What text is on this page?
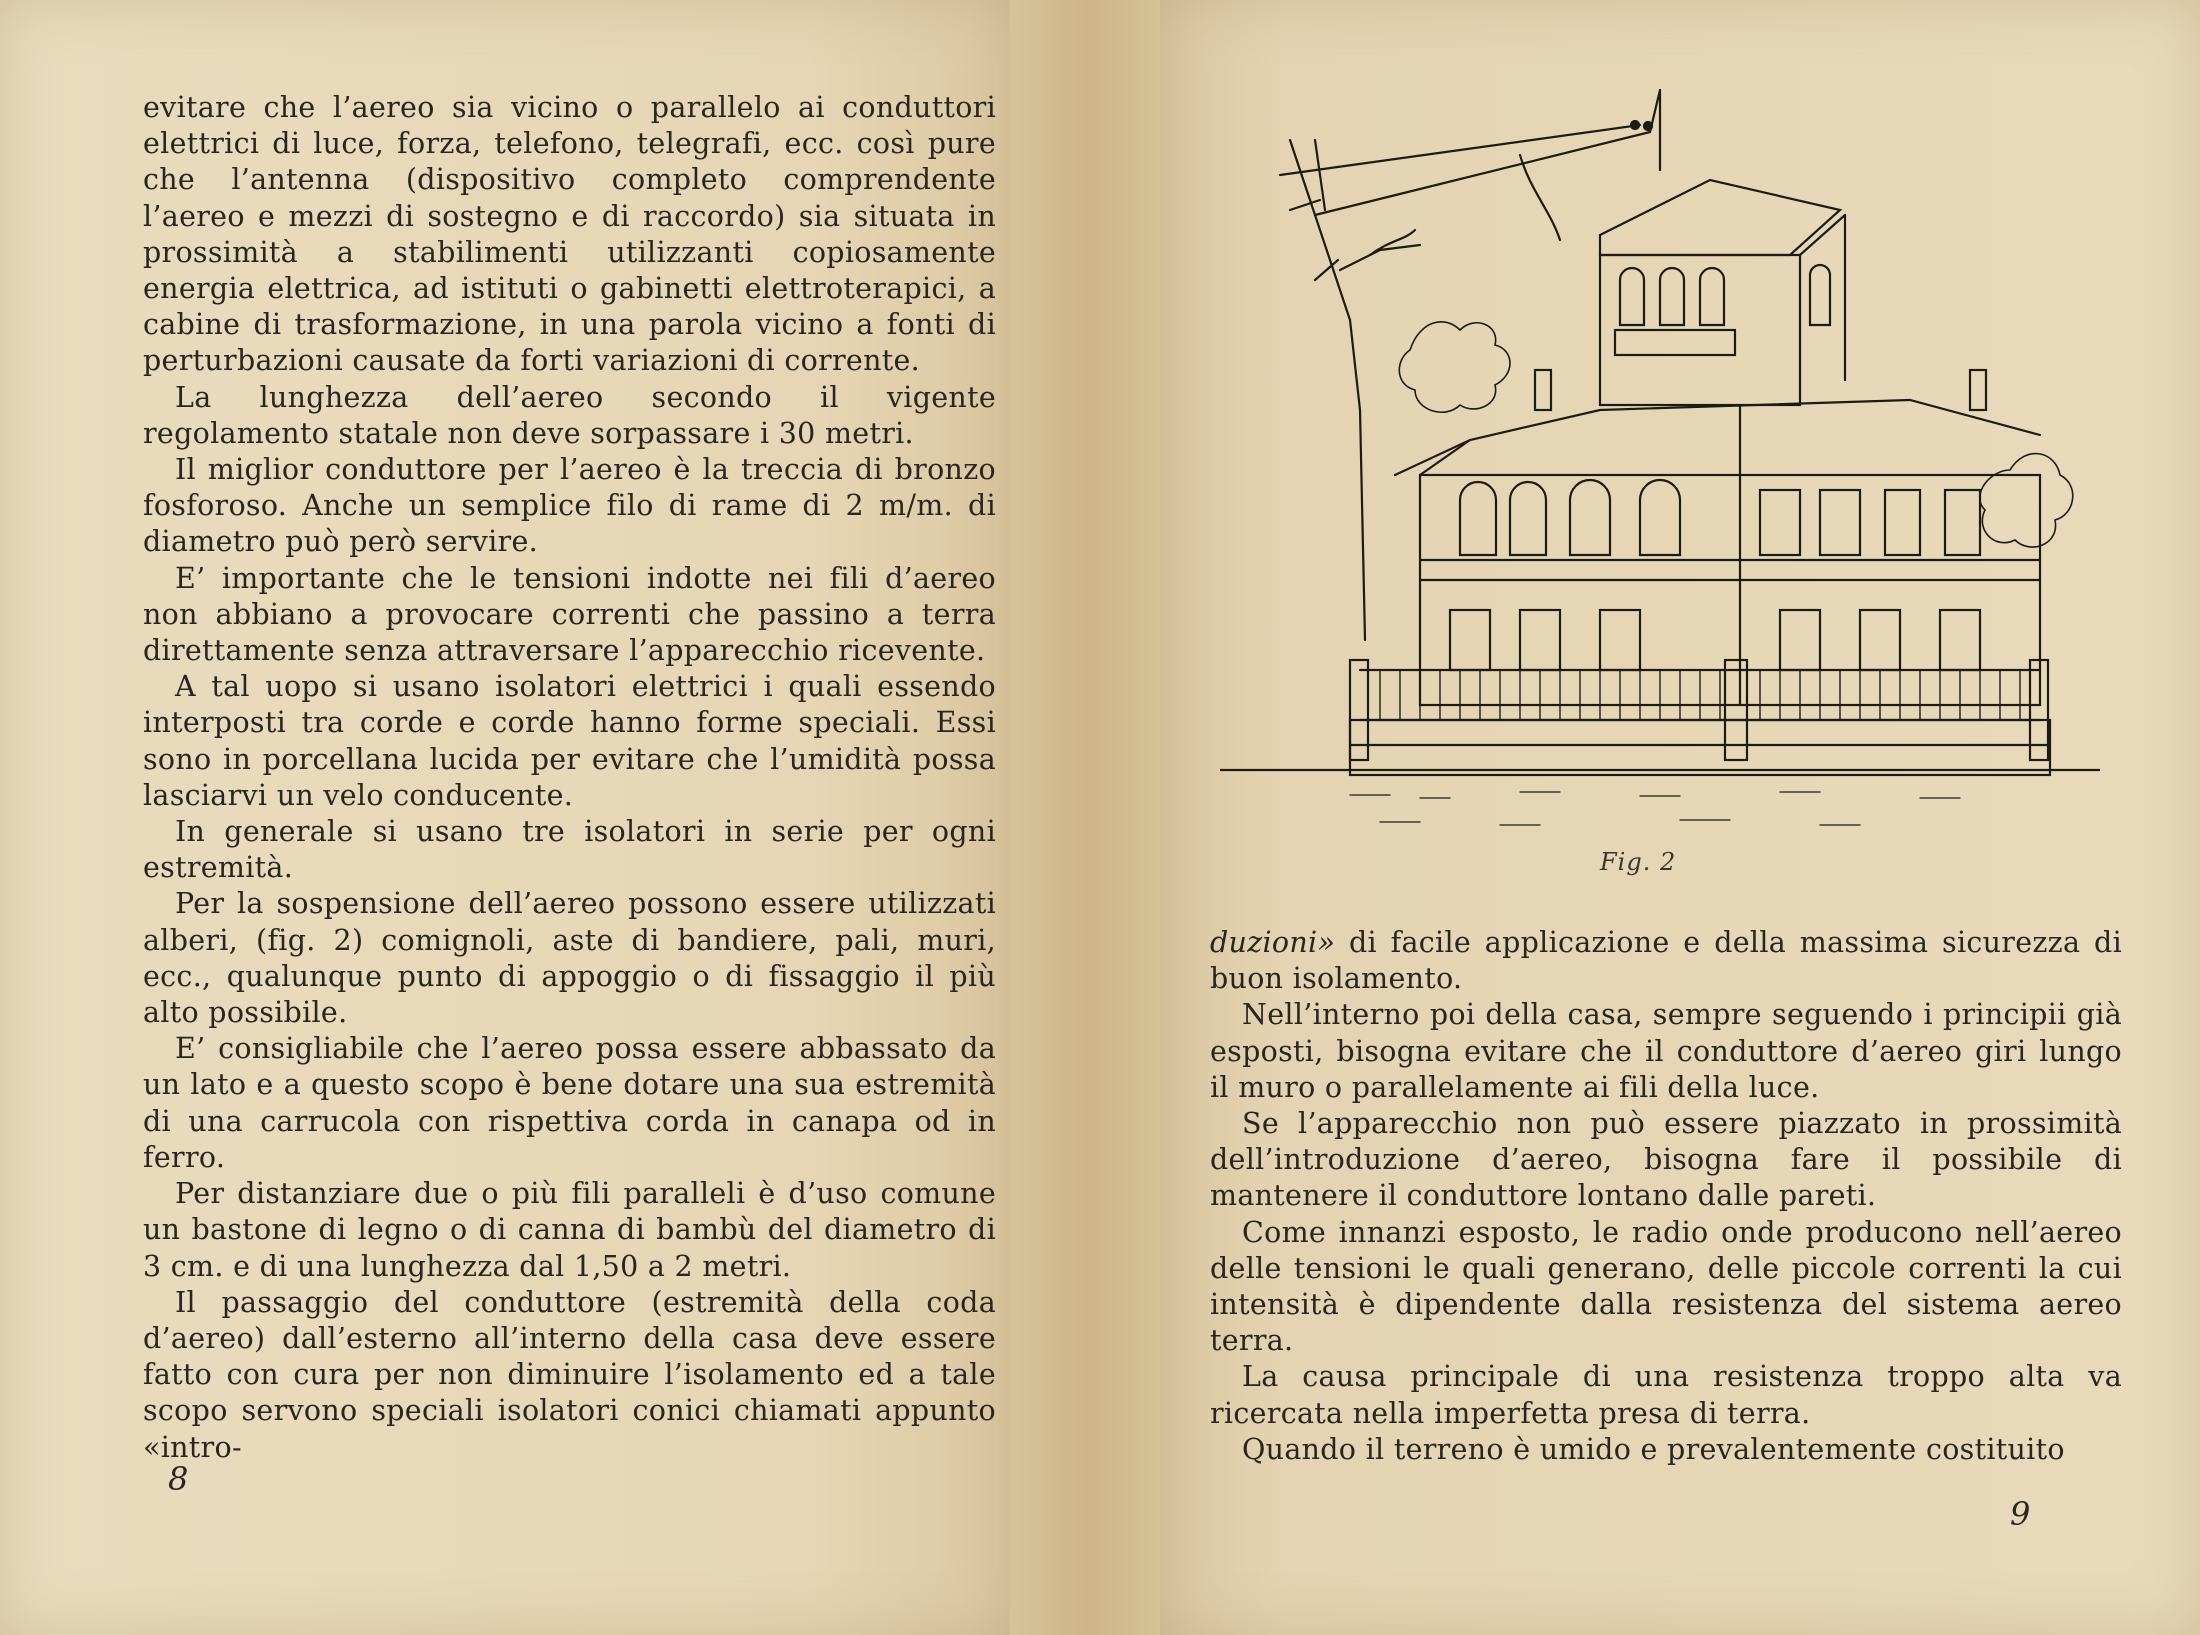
evitare che l’aereo sia vicino o parallelo ai conduttori elettrici di luce, forza, telefono, telegrafi, ecc. così pure che l’antenna (dispositivo completo comprendente l’aereo e mezzi di sostegno e di raccordo) sia situata in prossimità a stabilimenti utilizzanti copiosamente energia elettrica, ad istituti o gabinetti elettroterapici, a cabine di trasformazione, in una parola vicino a fonti di perturbazioni causate da forti variazioni di corrente.

La lunghezza dell’aereo secondo il vigente regolamento statale non deve sorpassare i 30 metri.

Il miglior conduttore per l’aereo è la treccia di bronzo fosforoso. Anche un semplice filo di rame di 2 m/m. di diametro può però servire.

E’ importante che le tensioni indotte nei fili d’aereo non abbiano a provocare correnti che passino a terra direttamente senza attraversare l’apparecchio ricevente.

A tal uopo si usano isolatori elettrici i quali essendo interposti tra corde e corde hanno forme speciali. Essi sono in porcellana lucida per evitare che l’umidità possa lasciarvi un velo conducente.

In generale si usano tre isolatori in serie per ogni estremità.

Per la sospensione dell’aereo possono essere utilizzati alberi, (fig. 2) comignoli, aste di bandiere, pali, muri, ecc., qualunque punto di appoggio o di fissaggio il più alto possibile.

E’ consigliabile che l’aereo possa essere abbassato da un lato e a questo scopo è bene dotare una sua estremità di una carrucola con rispettiva corda in canapa od in ferro.

Per distanziare due o più fili paralleli è d’uso comune un bastone di legno o di canna di bambù del diametro di 3 cm. e di una lunghezza dal 1,50 a 2 metri.

Il passaggio del conduttore (estremità della coda d’aereo) dall’esterno all’interno della casa deve essere fatto con cura per non diminuire l’isolamento ed a tale scopo servono speciali isolatori conici chiamati appunto «intro-

8
Fig. 2

duzioni» di facile applicazione e della massima sicurezza di buon isolamento.

Nell’interno poi della casa, sempre seguendo i principii già esposti, bisogna evitare che il conduttore d’aereo giri lungo il muro o parallelamente ai fili della luce.

Se l’apparecchio non può essere piazzato in prossimità dell’introduzione d’aereo, bisogna fare il possibile di mantenere il conduttore lontano dalle pareti.

Come innanzi esposto, le radio onde producono nell’aereo delle tensioni le quali generano, delle piccole correnti la cui intensità è dipendente dalla resistenza del sistema aereo terra.

La causa principale di una resistenza troppo alta va ricercata nella imperfetta presa di terra.

Quando il terreno è umido e prevalentemente costituito

9
